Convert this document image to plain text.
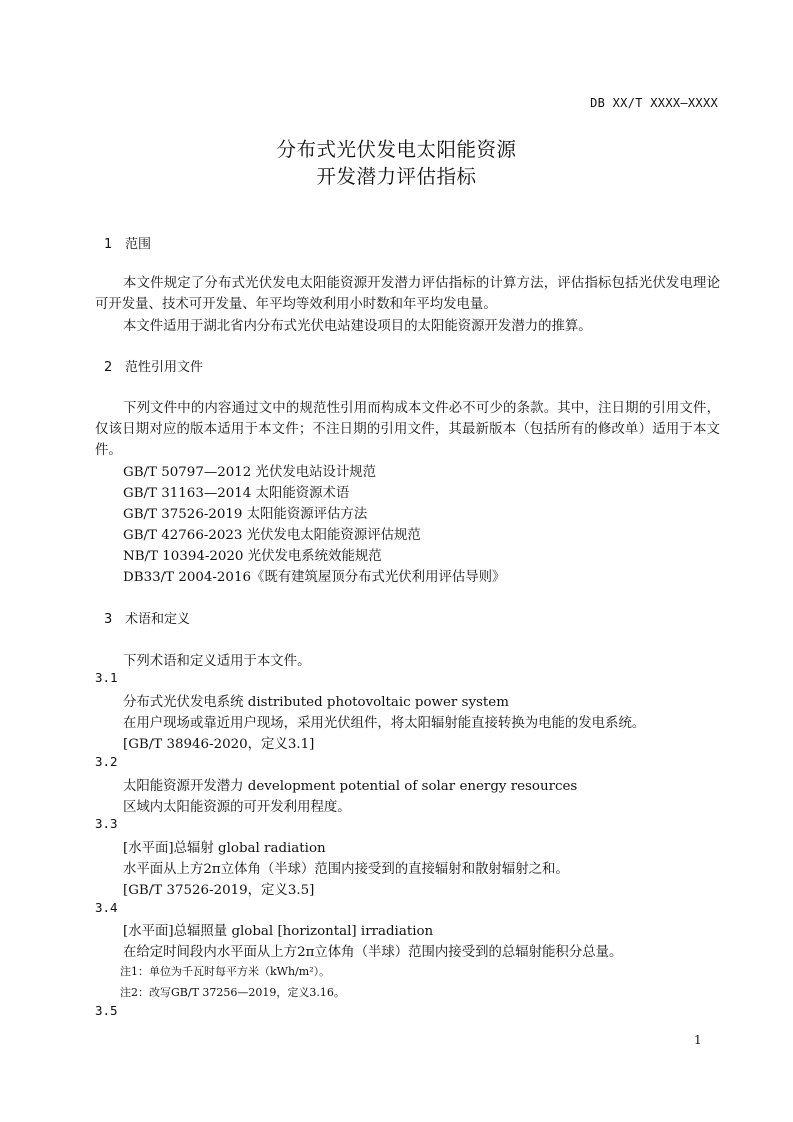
DB XX/T XXXX—XXXX
分布式光伏发电太阳能资源
开发潜力评估指标
1 范围
本文件规定了分布式光伏发电太阳能资源开发潜力评估指标的计算方法，评估指标包括光伏发电理论可开发量、技术可开发量、年平均等效利用小时数和年平均发电量。
本文件适用于湖北省内分布式光伏电站建设项目的太阳能资源开发潜力的推算。
2 范性引用文件
下列文件中的内容通过文中的规范性引用而构成本文件必不可少的条款。其中，注日期的引用文件，仅该日期对应的版本适用于本文件；不注日期的引用文件，其最新版本（包括所有的修改单）适用于本文件。
GB/T 50797—2012 光伏发电站设计规范
GB/T 31163—2014 太阳能资源术语
GB/T 37526-2019 太阳能资源评估方法
GB/T 42766-2023 光伏发电太阳能资源评估规范
NB/T 10394-2020 光伏发电系统效能规范
DB33/T 2004-2016《既有建筑屋顶分布式光伏利用评估导则》
3 术语和定义
下列术语和定义适用于本文件。
3.1
分布式光伏发电系统 distributed photovoltaic power system
在用户现场或靠近用户现场，采用光伏组件，将太阳辐射能直接转换为电能的发电系统。
[GB/T 38946-2020，定义3.1]
3.2
太阳能资源开发潜力 development potential of solar energy resources
区域内太阳能资源的可开发利用程度。
3.3
[水平面]总辐射 global radiation
水平面从上方2π立体角（半球）范围内接受到的直接辐射和散射辐射之和。
[GB/T 37526-2019，定义3.5]
3.4
[水平面]总辐照量 global [horizontal] irradiation
在给定时间段内水平面从上方2π立体角（半球）范围内接受到的总辐射能积分总量。
注1：单位为千瓦时每平方米（kWh/m²）。
注2：改写GB/T 37256—2019，定义3.16。
3.5
1
